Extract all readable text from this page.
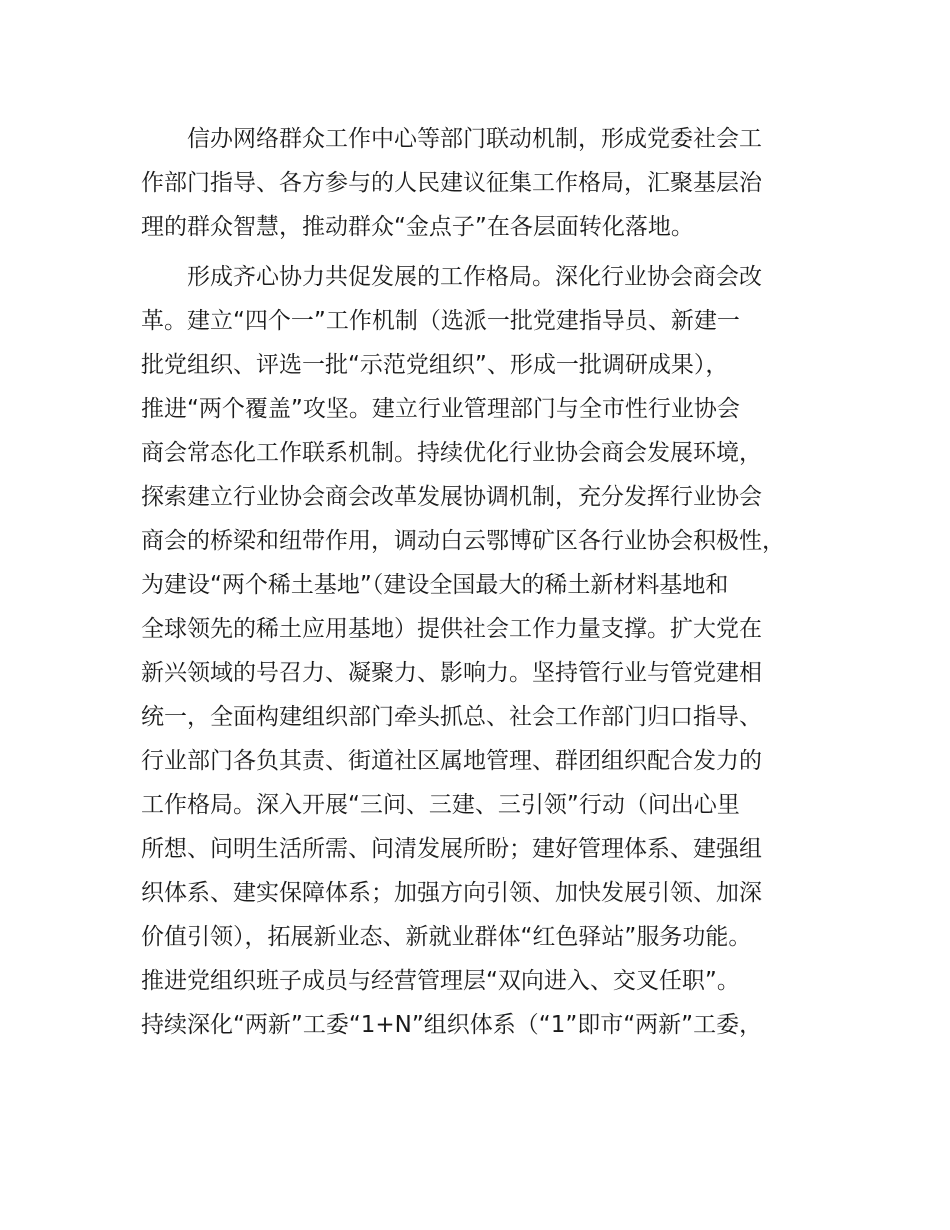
信办网络群众工作中心等部门联动机制，形成党委社会工
作部门指导、各方参与的人民建议征集工作格局，汇聚基层治
理的群众智慧，推动群众“金点子”在各层面转化落地。
形成齐心协力共促发展的工作格局。深化行业协会商会改
革。建立“四个一”工作机制（选派一批党建指导员、新建一
批党组织、评选一批“示范党组织”、形成一批调研成果），
推进“两个覆盖”攻坚。建立行业管理部门与全市性行业协会
商会常态化工作联系机制。持续优化行业协会商会发展环境，
探索建立行业协会商会改革发展协调机制，充分发挥行业协会
商会的桥梁和纽带作用，调动白云鄂博矿区各行业协会积极性，
为建设“两个稀土基地”（建设全国最大的稀土新材料基地和
全球领先的稀土应用基地）提供社会工作力量支撑。扩大党在
新兴领域的号召力、凝聚力、影响力。坚持管行业与管党建相
统一，全面构建组织部门牵头抓总、社会工作部门归口指导、
行业部门各负其责、街道社区属地管理、群团组织配合发力的
工作格局。深入开展“三问、三建、三引领”行动（问出心里
所想、问明生活所需、问清发展所盼；建好管理体系、建强组
织体系、建实保障体系；加强方向引领、加快发展引领、加深
价值引领），拓展新业态、新就业群体“红色驿站”服务功能。
推进党组织班子成员与经营管理层“双向进入、交叉任职”。
持续深化“两新”工委“1+N”组织体系（“1”即市“两新”工委，
